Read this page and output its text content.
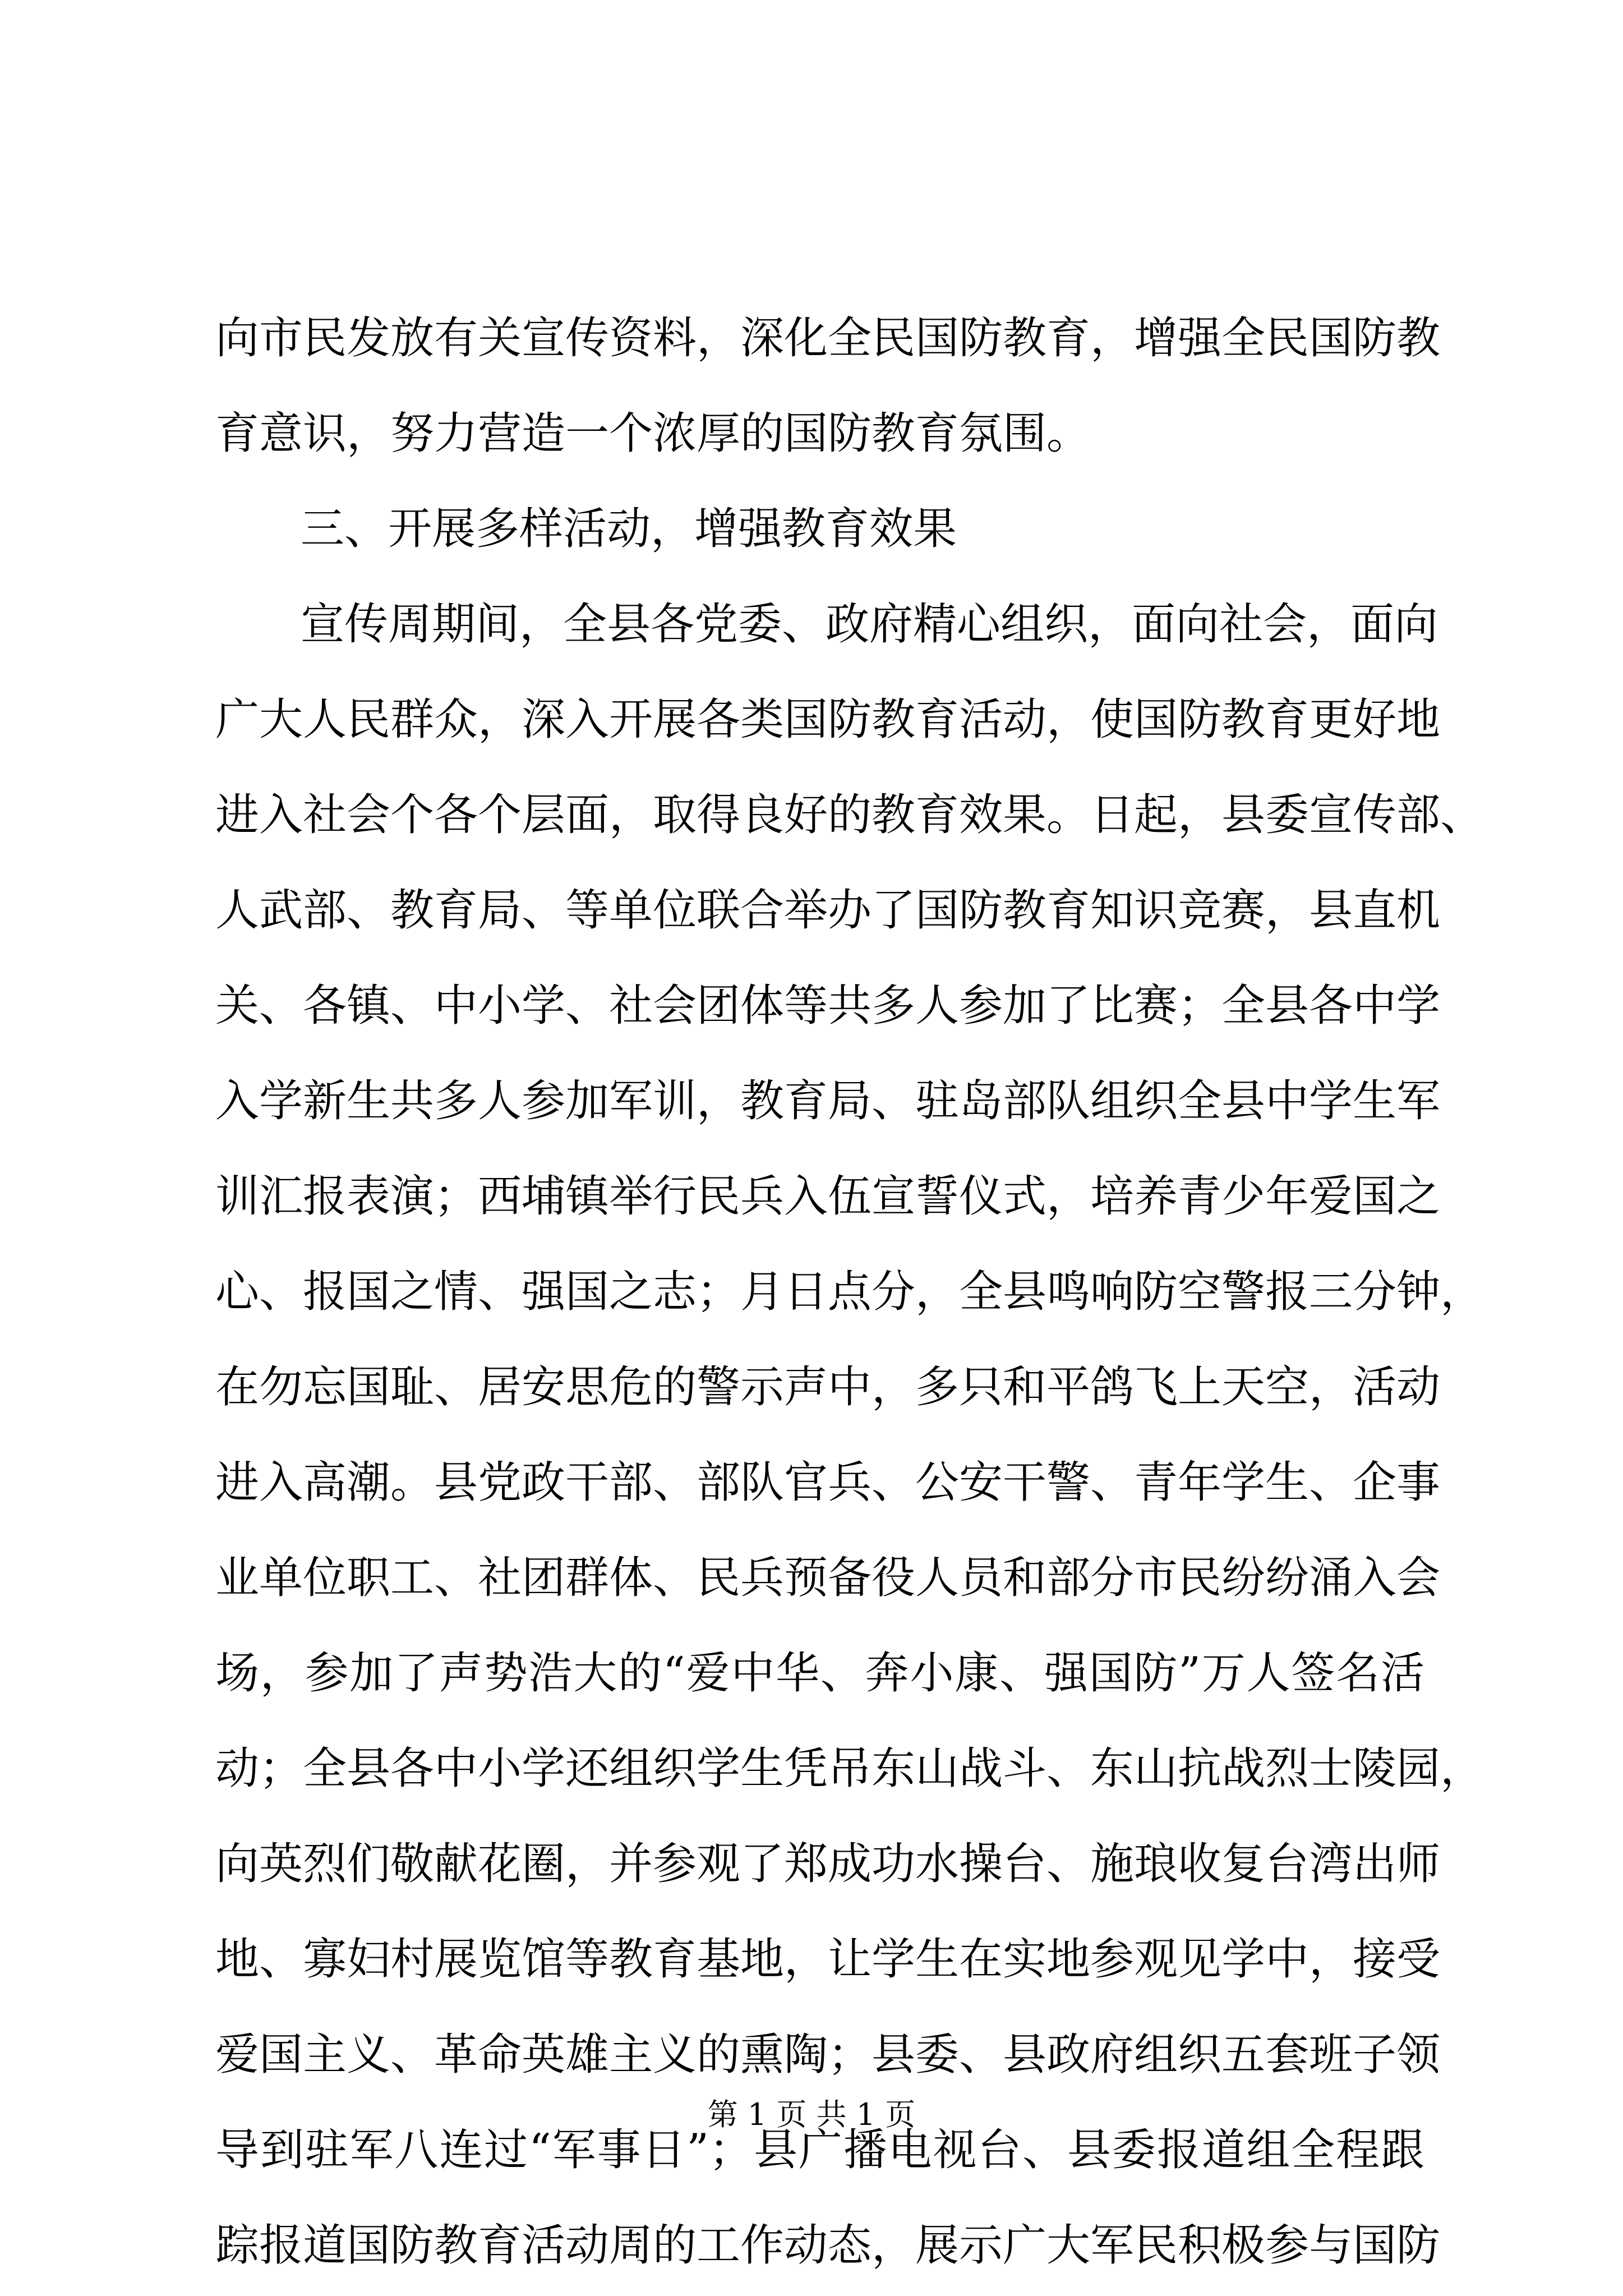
向市民发放有关宣传资料，深化全民国防教育，增强全民国防教
育意识，努力营造一个浓厚的国防教育氛围。
三、开展多样活动，增强教育效果
宣传周期间，全县各党委、政府精心组织，面向社会，面向
广大人民群众，深入开展各类国防教育活动，使国防教育更好地
进入社会个各个层面，取得良好的教育效果。日起，县委宣传部、
人武部、教育局、等单位联合举办了国防教育知识竞赛，县直机
关、各镇、中小学、社会团体等共多人参加了比赛；全县各中学
入学新生共多人参加军训，教育局、驻岛部队组织全县中学生军
训汇报表演；西埔镇举行民兵入伍宣誓仪式，培养青少年爱国之
心、报国之情、强国之志；月日点分，全县鸣响防空警报三分钟，
在勿忘国耻、居安思危的警示声中，多只和平鸽飞上天空，活动
进入高潮。县党政干部、部队官兵、公安干警、青年学生、企事
业单位职工、社团群体、民兵预备役人员和部分市民纷纷涌入会
场，参加了声势浩大的“爱中华、奔小康、强国防”万人签名活
动；全县各中小学还组织学生凭吊东山战斗、东山抗战烈士陵园，
向英烈们敬献花圈，并参观了郑成功水操台、施琅收复台湾出师
地、寡妇村展览馆等教育基地，让学生在实地参观见学中，接受
爱国主义、革命英雄主义的熏陶；县委、县政府组织五套班子领
导到驻军八连过“军事日”；县广播电视台、县委报道组全程跟
踪报道国防教育活动周的工作动态，展示广大军民积极参与国防
第 1 页 共 1 页
